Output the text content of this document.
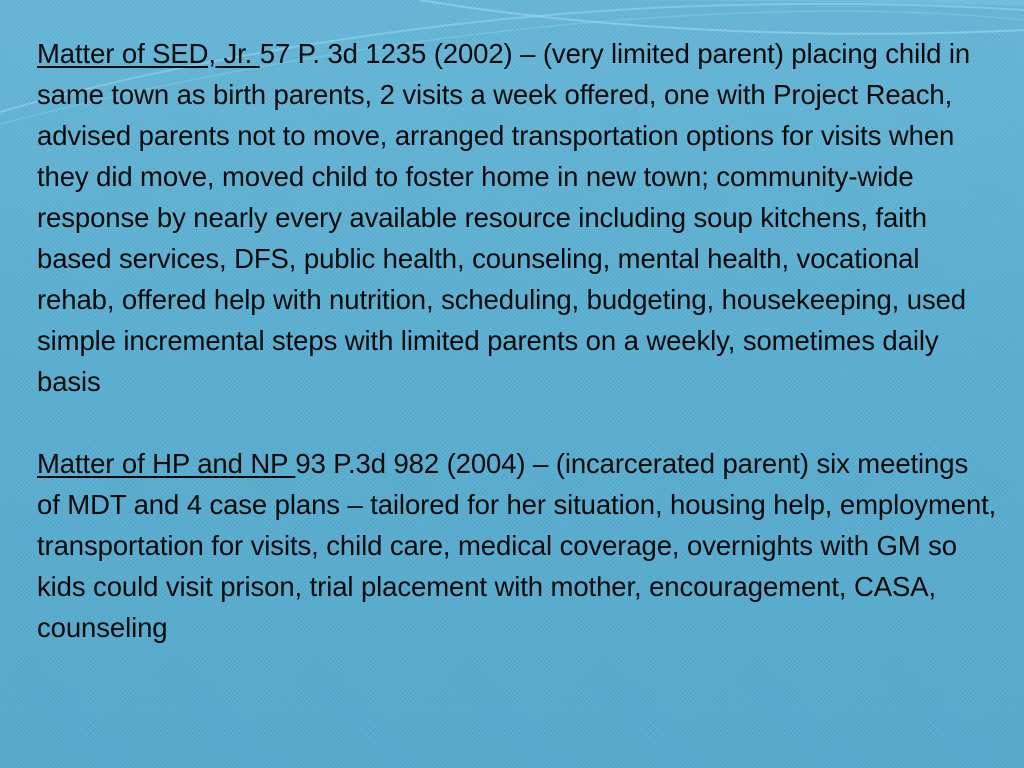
Matter of SED, Jr. 57 P. 3d 1235 (2002) – (very limited parent) placing child in same town as birth parents, 2 visits a week offered, one with Project Reach, advised parents not to move, arranged transportation options for visits when they did move, moved child to foster home in new town; community-wide response by nearly every available resource including soup kitchens, faith based services, DFS, public health, counseling, mental health, vocational rehab, offered help with nutrition, scheduling, budgeting, housekeeping, used simple incremental steps with limited parents on a weekly, sometimes daily basis

Matter of HP and NP 93 P.3d 982 (2004) – (incarcerated parent) six meetings of MDT and 4 case plans – tailored for her situation, housing help, employment, transportation for visits, child care, medical coverage, overnights with GM so kids could visit prison, trial placement with mother, encouragement, CASA, counseling
